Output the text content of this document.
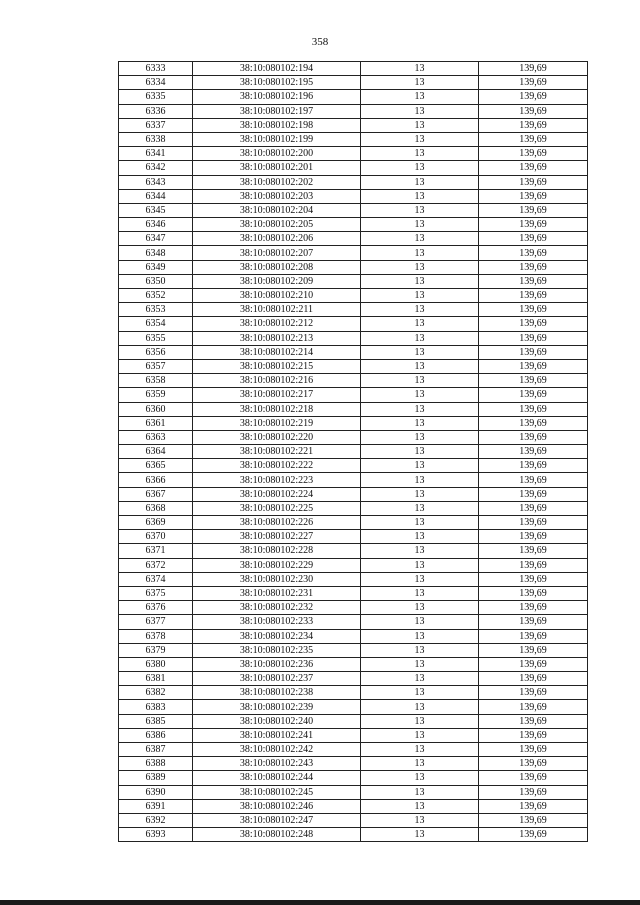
358
6333	38:10:080102:194	13	139,69
6334	38:10:080102:195	13	139,69
6335	38:10:080102:196	13	139,69
6336	38:10:080102:197	13	139,69
6337	38:10:080102:198	13	139,69
6338	38:10:080102:199	13	139,69
6341	38:10:080102:200	13	139,69
6342	38:10:080102:201	13	139,69
6343	38:10:080102:202	13	139,69
6344	38:10:080102:203	13	139,69
6345	38:10:080102:204	13	139,69
6346	38:10:080102:205	13	139,69
6347	38:10:080102:206	13	139,69
6348	38:10:080102:207	13	139,69
6349	38:10:080102:208	13	139,69
6350	38:10:080102:209	13	139,69
6352	38:10:080102:210	13	139,69
6353	38:10:080102:211	13	139,69
6354	38:10:080102:212	13	139,69
6355	38:10:080102:213	13	139,69
6356	38:10:080102:214	13	139,69
6357	38:10:080102:215	13	139,69
6358	38:10:080102:216	13	139,69
6359	38:10:080102:217	13	139,69
6360	38:10:080102:218	13	139,69
6361	38:10:080102:219	13	139,69
6363	38:10:080102:220	13	139,69
6364	38:10:080102:221	13	139,69
6365	38:10:080102:222	13	139,69
6366	38:10:080102:223	13	139,69
6367	38:10:080102:224	13	139,69
6368	38:10:080102:225	13	139,69
6369	38:10:080102:226	13	139,69
6370	38:10:080102:227	13	139,69
6371	38:10:080102:228	13	139,69
6372	38:10:080102:229	13	139,69
6374	38:10:080102:230	13	139,69
6375	38:10:080102:231	13	139,69
6376	38:10:080102:232	13	139,69
6377	38:10:080102:233	13	139,69
6378	38:10:080102:234	13	139,69
6379	38:10:080102:235	13	139,69
6380	38:10:080102:236	13	139,69
6381	38:10:080102:237	13	139,69
6382	38:10:080102:238	13	139,69
6383	38:10:080102:239	13	139,69
6385	38:10:080102:240	13	139,69
6386	38:10:080102:241	13	139,69
6387	38:10:080102:242	13	139,69
6388	38:10:080102:243	13	139,69
6389	38:10:080102:244	13	139,69
6390	38:10:080102:245	13	139,69
6391	38:10:080102:246	13	139,69
6392	38:10:080102:247	13	139,69
6393	38:10:080102:248	13	139,69
